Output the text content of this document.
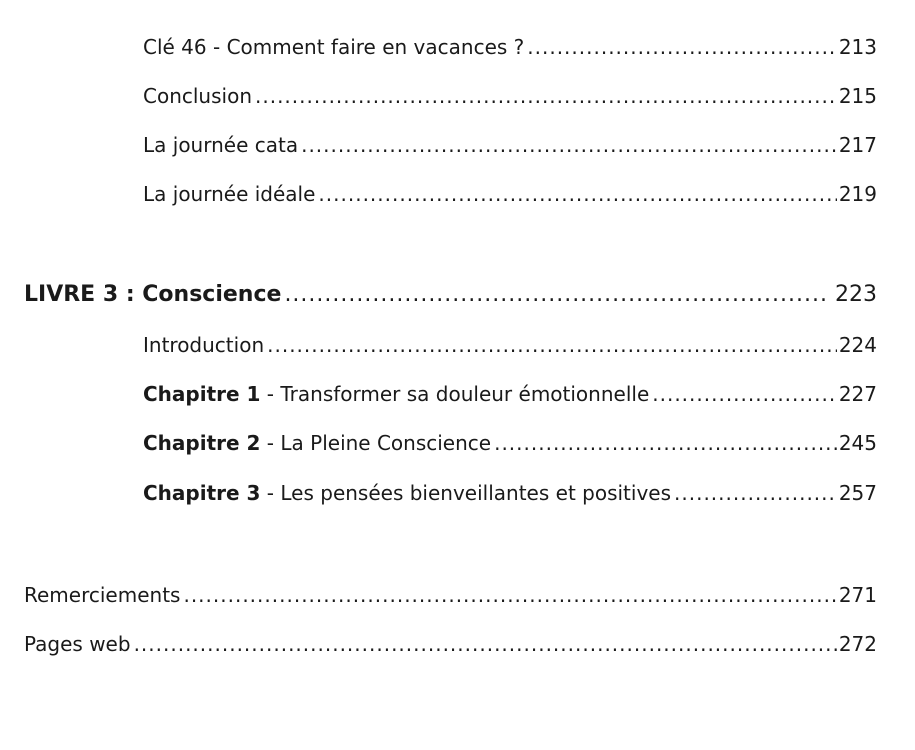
Clé 46 - Comment faire en vacances ? .....	213
Conclusion .....	215
La journée cata .....	217
La journée idéale .....	219
LIVRE 3 : Conscience .....	223
Introduction .....	224
Chapitre 1 - Transformer sa douleur émotionnelle .....	227
Chapitre 2 - La Pleine Conscience .....	245
Chapitre 3 - Les pensées bienveillantes et positives .....	257
Remerciements .....	271
Pages web .....	272
